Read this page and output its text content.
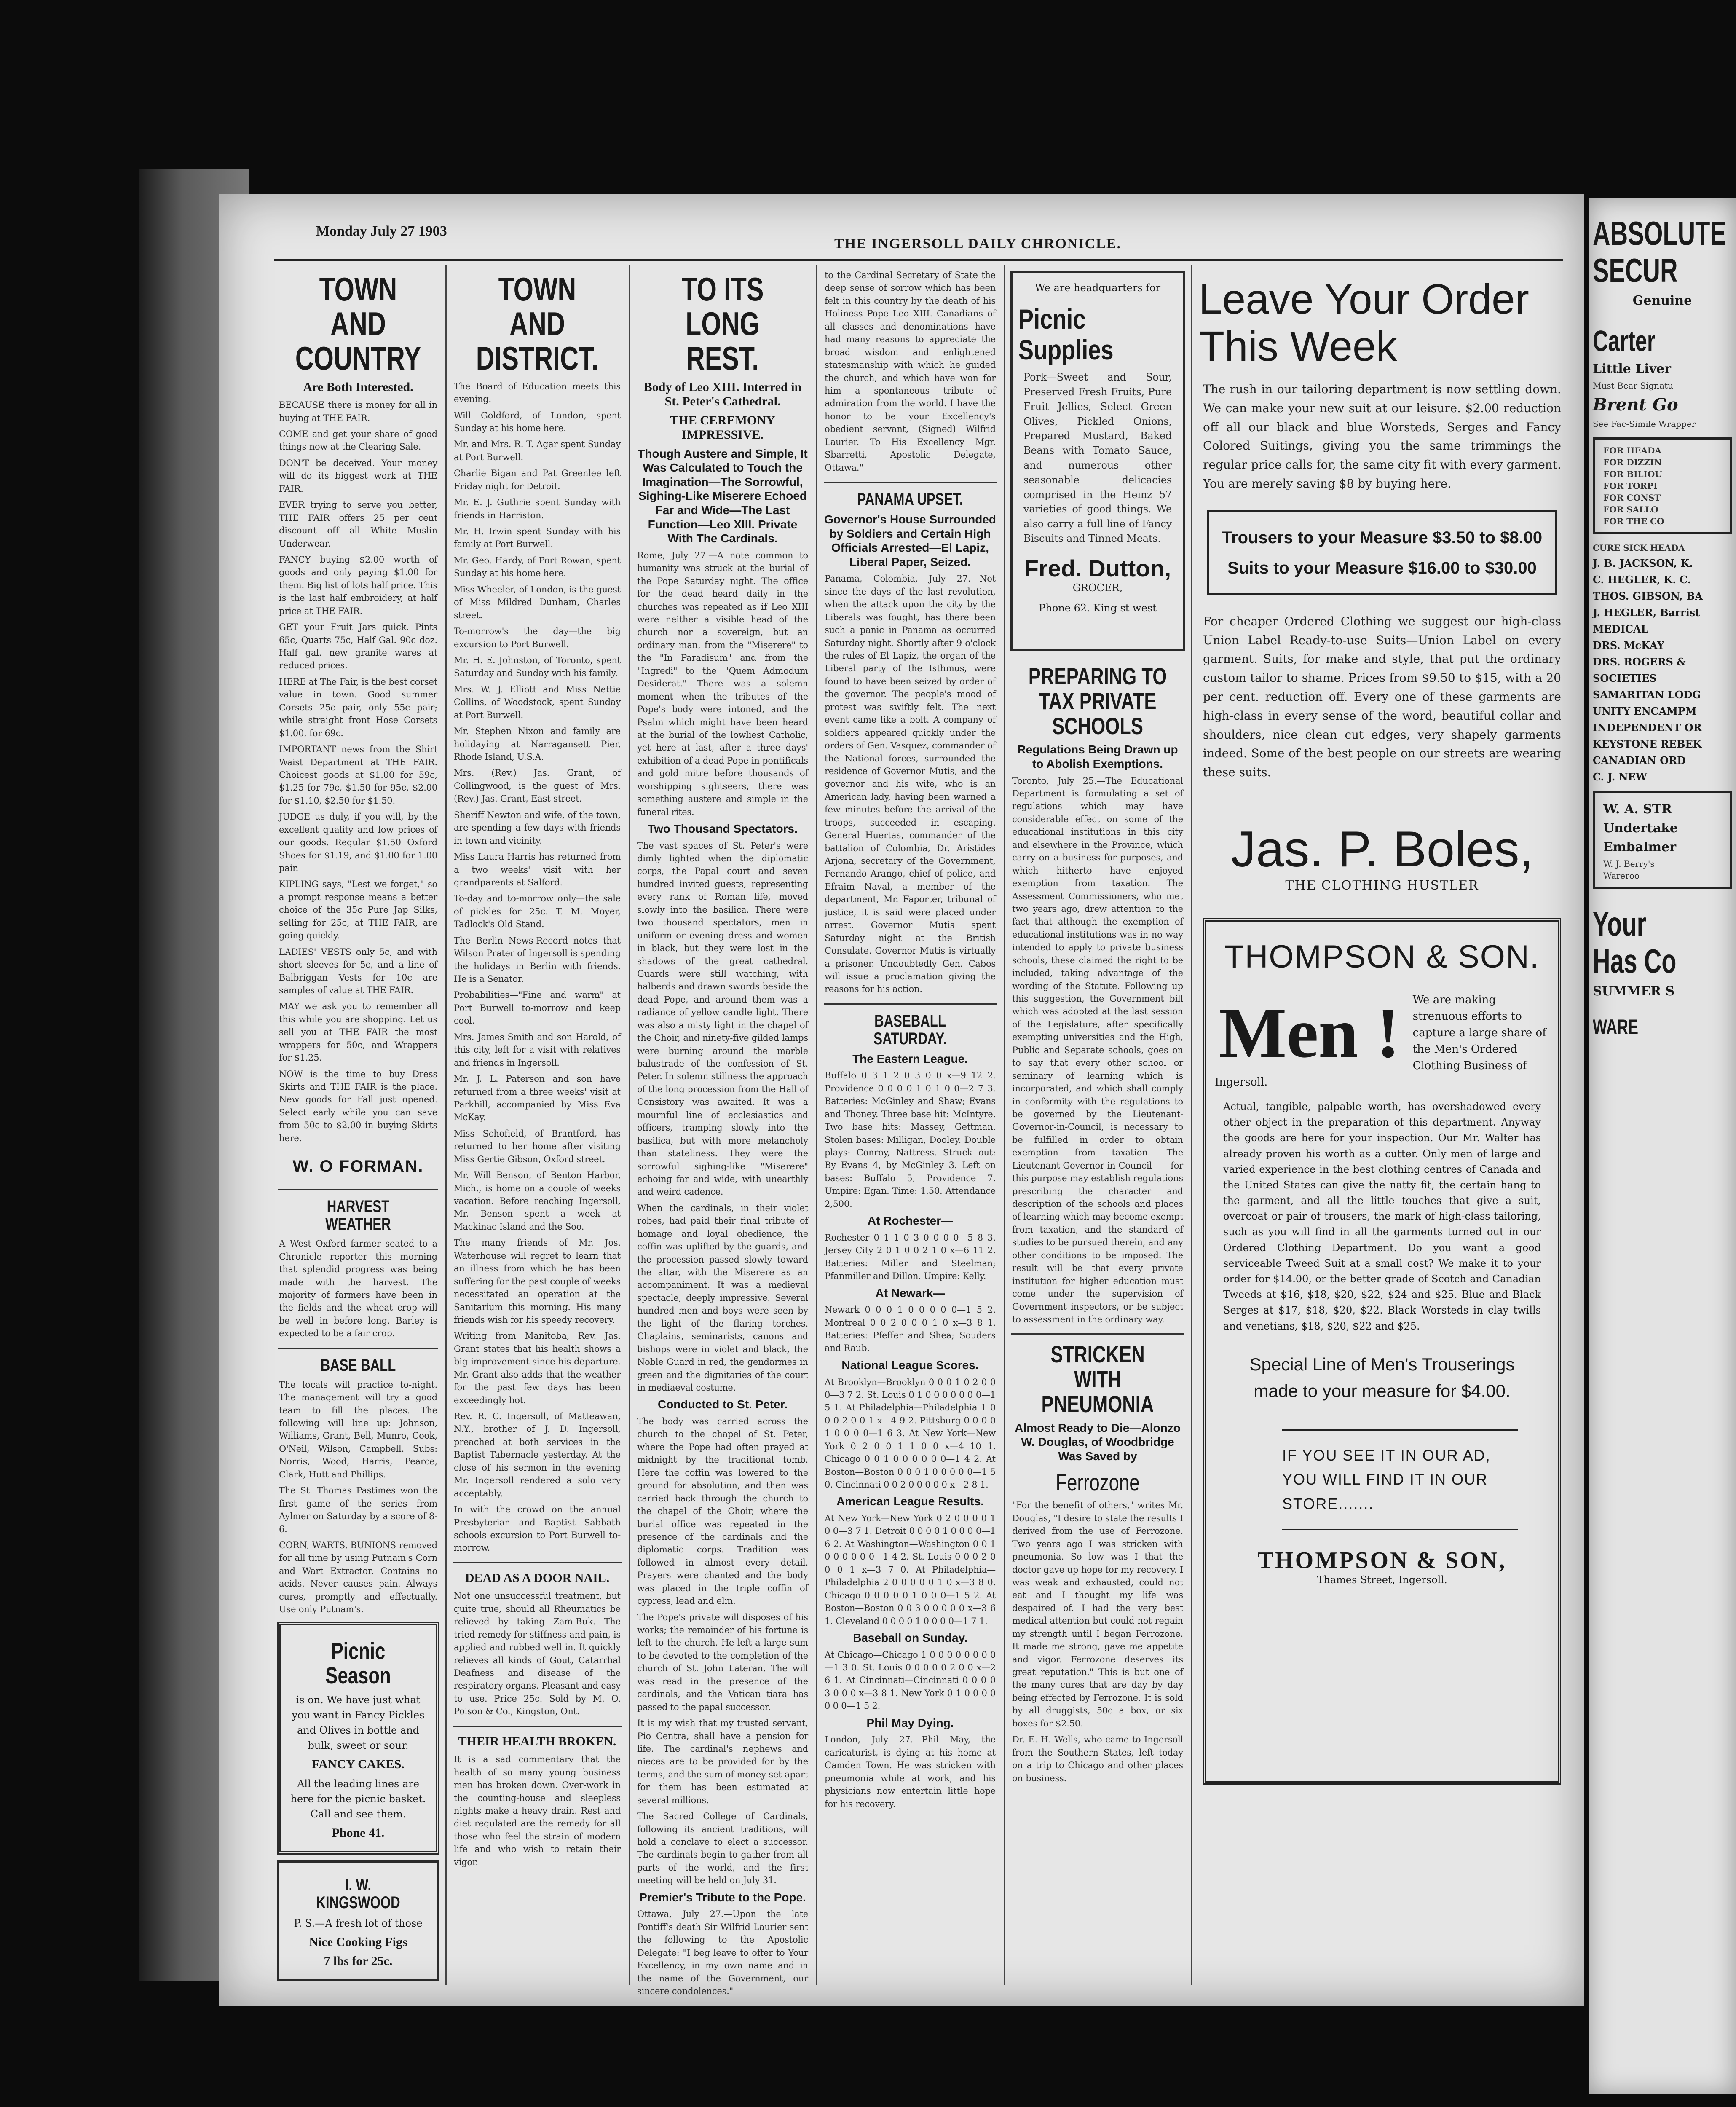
Monday July 27 1903
THE INGERSOLL DAILY CHRONICLE.
TOWN AND COUNTRY
Are Both Interested.
BECAUSE there is money for all in buying at THE FAIR.
COME and get your share of good things now at the Clearing Sale.
DON'T be deceived. Your money will do its biggest work at THE FAIR.
EVER trying to serve you better, THE FAIR offers 25 per cent discount off all White Muslin Underwear.
FANCY buying $2.00 worth of goods and only paying $1.00 for them. Big list of lots half price. This is the last half embroidery, at half price at THE FAIR.
GET your Fruit Jars quick. Pints 65c, Quarts 75c, Half Gal. 90c doz. Half gal. new granite wares at reduced prices.
HERE at The Fair, is the best corset value in town. Good summer Corsets 25c pair, only 55c pair; while straight front Hose Corsets $1.00, for 69c.
IMPORTANT news from the Shirt Waist Department at THE FAIR. Choicest goods at $1.00 for 59c, $1.25 for 79c, $1.50 for 95c, $2.00 for $1.10, $2.50 for $1.50.
JUDGE us duly, if you will, by the excellent quality and low prices of our goods. Regular $1.50 Oxford Shoes for $1.19, and $1.00 for 1.00 pair.
KIPLING says, "Lest we forget," so a prompt response means a better choice of the 35c Pure Jap Silks, selling for 25c, at THE FAIR, are going quickly.
LADIES' VESTS only 5c, and with short sleeves for 5c, and a line of Balbriggan Vests for 10c are samples of value at THE FAIR.
MAY we ask you to remember all this while you are shopping. Let us sell you at THE FAIR the most wrappers for 50c, and Wrappers for $1.25.
NOW is the time to buy Dress Skirts and THE FAIR is the place. New goods for Fall just opened. Select early while you can save from 50c to $2.00 in buying Skirts here.
W. O FORMAN.
HARVEST WEATHER
A West Oxford farmer seated to a Chronicle reporter this morning that splendid progress was being made with the harvest. The majority of farmers have been in the fields and the wheat crop will be well in before long. Barley is expected to be a fair crop.
BASE BALL
The locals will practice to-night. The management will try a good team to fill the places. The following will line up: Johnson, Williams, Grant, Bell, Munro, Cook, O'Neil, Wilson, Campbell. Subs: Norris, Wood, Harris, Pearce, Clark, Hutt and Phillips.
The St. Thomas Pastimes won the first game of the series from Aylmer on Saturday by a score of 8-6.
CORN, WARTS, BUNIONS removed for all time by using Putnam's Corn and Wart Extractor. Contains no acids. Never causes pain. Always cures, promptly and effectually. Use only Putnam's.
Picnic Season
is on. We have just what you want in Fancy Pickles and Olives in bottle and bulk, sweet or sour.
FANCY CAKES.
All the leading lines are here for the picnic basket. Call and see them.
Phone 41.
I. W. KINGSWOOD
P. S.—A fresh lot of those
Nice Cooking Figs
7 lbs for 25c.
TOWN AND DISTRICT.
The Board of Education meets this evening.
Will Goldford, of London, spent Sunday at his home here.
Mr. and Mrs. R. T. Agar spent Sunday at Port Burwell.
Charlie Bigan and Pat Greenlee left Friday night for Detroit.
Mr. E. J. Guthrie spent Sunday with friends in Harriston.
Mr. H. Irwin spent Sunday with his family at Port Burwell.
Mr. Geo. Hardy, of Port Rowan, spent Sunday at his home here.
Miss Wheeler, of London, is the guest of Miss Mildred Dunham, Charles street.
To-morrow's the day—the big excursion to Port Burwell.
Mr. H. E. Johnston, of Toronto, spent Saturday and Sunday with his family.
Mrs. W. J. Elliott and Miss Nettie Collins, of Woodstock, spent Sunday at Port Burwell.
Mr. Stephen Nixon and family are holidaying at Narragansett Pier, Rhode Island, U.S.A.
Mrs. (Rev.) Jas. Grant, of Collingwood, is the guest of Mrs. (Rev.) Jas. Grant, East street.
Sheriff Newton and wife, of the town, are spending a few days with friends in town and vicinity.
Miss Laura Harris has returned from a two weeks' visit with her grandparents at Salford.
To-day and to-morrow only—the sale of pickles for 25c. T. M. Moyer, Tadlock's Old Stand.
The Berlin News-Record notes that Wilson Prater of Ingersoll is spending the holidays in Berlin with friends. He is a Senator.
Probabilities—"Fine and warm" at Port Burwell to-morrow and keep cool.
Mrs. James Smith and son Harold, of this city, left for a visit with relatives and friends in Ingersoll.
Mr. J. L. Paterson and son have returned from a three weeks' visit at Parkhill, accompanied by Miss Eva McKay.
Miss Schofield, of Brantford, has returned to her home after visiting Miss Gertie Gibson, Oxford street.
Mr. Will Benson, of Benton Harbor, Mich., is home on a couple of weeks vacation. Before reaching Ingersoll, Mr. Benson spent a week at Mackinac Island and the Soo.
The many friends of Mr. Jos. Waterhouse will regret to learn that an illness from which he has been suffering for the past couple of weeks necessitated an operation at the Sanitarium this morning. His many friends wish for his speedy recovery.
Writing from Manitoba, Rev. Jas. Grant states that his health shows a big improvement since his departure. Mr. Grant also adds that the weather for the past few days has been exceedingly hot.
Rev. R. C. Ingersoll, of Matteawan, N.Y., brother of J. D. Ingersoll, preached at both services in the Baptist Tabernacle yesterday. At the close of his sermon in the evening Mr. Ingersoll rendered a solo very acceptably.
In with the crowd on the annual Presbyterian and Baptist Sabbath schools excursion to Port Burwell to-morrow.
DEAD AS A DOOR NAIL.
Not one unsuccessful treatment, but quite true, should all Rheumatics be relieved by taking Zam-Buk. The tried remedy for stiffness and pain, is applied and rubbed well in. It quickly relieves all kinds of Gout, Catarrhal Deafness and disease of the respiratory organs. Pleasant and easy to use. Price 25c. Sold by M. O. Poison & Co., Kingston, Ont.
THEIR HEALTH BROKEN.
It is a sad commentary that the health of so many young business men has broken down. Over-work in the counting-house and sleepless nights make a heavy drain. Rest and diet regulated are the remedy for all those who feel the strain of modern life and who wish to retain their vigor.
TO ITS LONG REST.
Body of Leo XIII. Interred in St. Peter's Cathedral.
THE CEREMONY IMPRESSIVE.
Though Austere and Simple, It Was Calculated to Touch the Imagination—The Sorrowful, Sighing-Like Miserere Echoed Far and Wide—The Last Function—Leo XIII. Private With The Cardinals.
Rome, July 27.—A note common to humanity was struck at the burial of the Pope Saturday night. The office for the dead heard daily in the churches was repeated as if Leo XIII were neither a visible head of the church nor a sovereign, but an ordinary man, from the "Miserere" to the "In Paradisum" and from the "Ingredi" to the "Quem Admodum Desiderat." There was a solemn moment when the tributes of the Pope's body were intoned, and the Psalm which might have been heard at the burial of the lowliest Catholic, yet here at last, after a three days' exhibition of a dead Pope in pontificals and gold mitre before thousands of worshipping sightseers, there was something austere and simple in the funeral rites.
Two Thousand Spectators.
The vast spaces of St. Peter's were dimly lighted when the diplomatic corps, the Papal court and seven hundred invited guests, representing every rank of Roman life, moved slowly into the basilica. There were two thousand spectators, men in uniform or evening dress and women in black, but they were lost in the shadows of the great cathedral. Guards were still watching, with halberds and drawn swords beside the dead Pope, and around them was a radiance of yellow candle light. There was also a misty light in the chapel of the Choir, and ninety-five gilded lamps were burning around the marble balustrade of the confession of St. Peter. In solemn stillness the approach of the long procession from the Hall of Consistory was awaited. It was a mournful line of ecclesiastics and officers, tramping slowly into the basilica, but with more melancholy than stateliness. They were the sorrowful sighing-like "Miserere" echoing far and wide, with unearthly and weird cadence.
When the cardinals, in their violet robes, had paid their final tribute of homage and loyal obedience, the coffin was uplifted by the guards, and the procession passed slowly toward the altar, with the Miserere as an accompaniment. It was a medieval spectacle, deeply impressive. Several hundred men and boys were seen by the light of the flaring torches. Chaplains, seminarists, canons and bishops were in violet and black, the Noble Guard in red, the gendarmes in green and the dignitaries of the court in mediaeval costume.
Conducted to St. Peter.
The body was carried across the church to the chapel of St. Peter, where the Pope had often prayed at midnight by the traditional tomb. Here the coffin was lowered to the ground for absolution, and then was carried back through the church to the chapel of the Choir, where the burial office was repeated in the presence of the cardinals and the diplomatic corps. Tradition was followed in almost every detail. Prayers were chanted and the body was placed in the triple coffin of cypress, lead and elm.
The Pope's private will disposes of his works; the remainder of his fortune is left to the church. He left a large sum to be devoted to the completion of the church of St. John Lateran. The will was read in the presence of the cardinals, and the Vatican tiara has passed to the papal successor.
It is my wish that my trusted servant, Pio Centra, shall have a pension for life. The cardinal's nephews and nieces are to be provided for by the terms, and the sum of money set apart for them has been estimated at several millions.
The Sacred College of Cardinals, following its ancient traditions, will hold a conclave to elect a successor. The cardinals begin to gather from all parts of the world, and the first meeting will be held on July 31.
Premier's Tribute to the Pope.
Ottawa, July 27.—Upon the late Pontiff's death Sir Wilfrid Laurier sent the following to the Apostolic Delegate: "I beg leave to offer to Your Excellency, in my own name and in the name of the Government, our sincere condolences."
to the Cardinal Secretary of State the deep sense of sorrow which has been felt in this country by the death of his Holiness Pope Leo XIII. Canadians of all classes and denominations have had many reasons to appreciate the broad wisdom and enlightened statesmanship with which he guided the church, and which have won for him a spontaneous tribute of admiration from the world. I have the honor to be your Excellency's obedient servant, (Signed) Wilfrid Laurier. To His Excellency Mgr. Sbarretti, Apostolic Delegate, Ottawa."
PANAMA UPSET.
Governor's House Surrounded by Soldiers and Certain High Officials Arrested—El Lapiz, Liberal Paper, Seized.
Panama, Colombia, July 27.—Not since the days of the last revolution, when the attack upon the city by the Liberals was fought, has there been such a panic in Panama as occurred Saturday night. Shortly after 9 o'clock the rules of El Lapiz, the organ of the Liberal party of the Isthmus, were found to have been seized by order of the governor. The people's mood of protest was swiftly felt. The next event came like a bolt. A company of soldiers appeared quickly under the orders of Gen. Vasquez, commander of the National forces, surrounded the residence of Governor Mutis, and the governor and his wife, who is an American lady, having been warned a few minutes before the arrival of the troops, succeeded in escaping. General Huertas, commander of the battalion of Colombia, Dr. Aristides Arjona, secretary of the Government, Fernando Arango, chief of police, and Efraim Naval, a member of the department, Mr. Faporter, tribunal of justice, it is said were placed under arrest. Governor Mutis spent Saturday night at the British Consulate. Governor Mutis is virtually a prisoner. Undoubtedly Gen. Cabos will issue a proclamation giving the reasons for his action.
BASEBALL SATURDAY.
The Eastern League.
Buffalo 0 3 1 2 0 3 0 0 x—9 12 2. Providence 0 0 0 0 1 0 1 0 0—2 7 3. Batteries: McGinley and Shaw; Evans and Thoney. Three base hit: McIntyre. Two base hits: Massey, Gettman. Stolen bases: Milligan, Dooley. Double plays: Conroy, Nattress. Struck out: By Evans 4, by McGinley 3. Left on bases: Buffalo 5, Providence 7. Umpire: Egan. Time: 1.50. Attendance 2,500.
At Rochester—
Rochester 0 1 1 0 3 0 0 0 0—5 8 3. Jersey City 2 0 1 0 0 2 1 0 x—6 11 2. Batteries: Miller and Steelman; Pfanmiller and Dillon. Umpire: Kelly.
At Newark—
Newark 0 0 0 1 0 0 0 0 0—1 5 2. Montreal 0 0 2 0 0 0 1 0 x—3 8 1. Batteries: Pfeffer and Shea; Souders and Raub.
National League Scores.
At Brooklyn—Brooklyn 0 0 0 1 0 2 0 0 0—3 7 2. St. Louis 0 1 0 0 0 0 0 0 0—1 5 1. At Philadelphia—Philadelphia 1 0 0 0 2 0 0 1 x—4 9 2. Pittsburg 0 0 0 0 1 0 0 0 0—1 6 3. At New York—New York 0 2 0 0 1 1 0 0 x—4 10 1. Chicago 0 0 1 0 0 0 0 0 0—1 4 2. At Boston—Boston 0 0 0 1 0 0 0 0 0—1 5 0. Cincinnati 0 0 2 0 0 0 0 0 x—2 8 1.
American League Results.
At New York—New York 0 2 0 0 0 0 1 0 0—3 7 1. Detroit 0 0 0 0 1 0 0 0 0—1 6 2. At Washington—Washington 0 0 1 0 0 0 0 0 0—1 4 2. St. Louis 0 0 0 2 0 0 0 1 x—3 7 0. At Philadelphia—Philadelphia 2 0 0 0 0 0 1 0 x—3 8 0. Chicago 0 0 0 0 0 1 0 0 0—1 5 2. At Boston—Boston 0 0 3 0 0 0 0 0 x—3 6 1. Cleveland 0 0 0 0 1 0 0 0 0—1 7 1.
Baseball on Sunday.
At Chicago—Chicago 1 0 0 0 0 0 0 0 0—1 3 0. St. Louis 0 0 0 0 0 2 0 0 x—2 6 1. At Cincinnati—Cincinnati 0 0 0 0 3 0 0 0 x—3 8 1. New York 0 1 0 0 0 0 0 0 0—1 5 2.
Phil May Dying.
London, July 27.—Phil May, the caricaturist, is dying at his home at Camden Town. He was stricken with pneumonia while at work, and his physicians now entertain little hope for his recovery.
We are headquarters for
Picnic Supplies
Pork—Sweet and Sour, Preserved Fresh Fruits, Pure Fruit Jellies, Select Green Olives, Pickled Onions, Prepared Mustard, Baked Beans with Tomato Sauce, and numerous other seasonable delicacies comprised in the Heinz 57 varieties of good things. We also carry a full line of Fancy Biscuits and Tinned Meats.
Fred. Dutton,
GROCER,
Phone 62. King st west
PREPARING TO TAX PRIVATE SCHOOLS
Regulations Being Drawn up to Abolish Exemptions.
Toronto, July 25.—The Educational Department is formulating a set of regulations which may have considerable effect on some of the educational institutions in this city and elsewhere in the Province, which carry on a business for purposes, and which hitherto have enjoyed exemption from taxation. The Assessment Commissioners, who met two years ago, drew attention to the fact that although the exemption of educational institutions was in no way intended to apply to private business schools, these claimed the right to be included, taking advantage of the wording of the Statute. Following up this suggestion, the Government bill which was adopted at the last session of the Legislature, after specifically exempting universities and the High, Public and Separate schools, goes on to say that every other school or seminary of learning which is incorporated, and which shall comply in conformity with the regulations to be governed by the Lieutenant-Governor-in-Council, is necessary to be fulfilled in order to obtain exemption from taxation. The Lieutenant-Governor-in-Council for this purpose may establish regulations prescribing the character and description of the schools and places of learning which may become exempt from taxation, and the standard of studies to be pursued therein, and any other conditions to be imposed. The result will be that every private institution for higher education must come under the supervision of Government inspectors, or be subject to assessment in the ordinary way.
STRICKEN WITH PNEUMONIA
Almost Ready to Die—Alonzo W. Douglas, of Woodbridge Was Saved by
Ferrozone
"For the benefit of others," writes Mr. Douglas, "I desire to state the results I derived from the use of Ferrozone. Two years ago I was stricken with pneumonia. So low was I that the doctor gave up hope for my recovery. I was weak and exhausted, could not eat and I thought my life was despaired of. I had the very best medical attention but could not regain my strength until I began Ferrozone. It made me strong, gave me appetite and vigor. Ferrozone deserves its great reputation." This is but one of the many cures that are day by day being effected by Ferrozone. It is sold by all druggists, 50c a box, or six boxes for $2.50.
Dr. E. H. Wells, who came to Ingersoll from the Southern States, left today on a trip to Chicago and other places on business.
Leave Your Order This Week
The rush in our tailoring department is now settling down. We can make your new suit at our leisure. $2.00 reduction off all our black and blue Worsteds, Serges and Fancy Colored Suitings, giving you the same trimmings the regular price calls for, the same city fit with every garment. You are merely saving $8 by buying here.
Trousers to your Measure $3.50 to $8.00
Suits to your Measure $16.00 to $30.00
For cheaper Ordered Clothing we suggest our high-class Union Label Ready-to-use Suits—Union Label on every garment. Suits, for make and style, that put the ordinary custom tailor to shame. Prices from $9.50 to $15, with a 20 per cent. reduction off. Every one of these garments are high-class in every sense of the word, beautiful collar and shoulders, nice clean cut edges, very shapely garments indeed. Some of the best people on our streets are wearing these suits.
Jas. P. Boles,
THE CLOTHING HUSTLER
THOMPSON & SON.
Men !	We are making strenuous efforts to capture a large share of the Men's Ordered Clothing Business of Ingersoll.
Actual, tangible, palpable worth, has overshadowed every other object in the preparation of this department. Anyway the goods are here for your inspection. Our Mr. Walter has already proven his worth as a cutter. Only men of large and varied experience in the best clothing centres of Canada and the United States can give the natty fit, the certain hang to the garment, and all the little touches that give a suit, overcoat or pair of trousers, the mark of high-class tailoring, such as you will find in all the garments turned out in our Ordered Clothing Department. Do you want a good serviceable Tweed Suit at a small cost? We make it to your order for $14.00, or the better grade of Scotch and Canadian Tweeds at $16, $18, $20, $22, $24 and $25. Blue and Black Serges at $17, $18, $20, $22. Black Worsteds in clay twills and venetians, $18, $20, $22 and $25.
Special Line of Men's Trouserings
made to your measure for $4.00.
IF YOU SEE IT IN OUR AD, YOU WILL FIND IT IN OUR STORE.......
THOMPSON & SON,
Thames Street, Ingersoll.
ABSOLUTE
SECUR
Genuine
Carter
Little Liver
Must Bear Signatu
Brent Go
See Fac-Simile Wrapper
FOR HEADA
FOR DIZZIN
FOR BILIOU
FOR TORPI
FOR CONST
FOR SALLO
FOR THE CO
CURE SICK HEADA
J. B. JACKSON, K.
C. HEGLER, K. C.
THOS. GIBSON, BA
J. HEGLER, Barrist
MEDICAL
DRS. McKAY
DRS. ROGERS &
SOCIETIES
SAMARITAN LODG
UNITY ENCAMPM
INDEPENDENT OR
KEYSTONE REBEK
CANADIAN ORD
C. J. NEW
W. A. STR
Undertake
Embalmer
W. J. Berry's
Wareroo
Your
Has Co
SUMMER S
WARE
